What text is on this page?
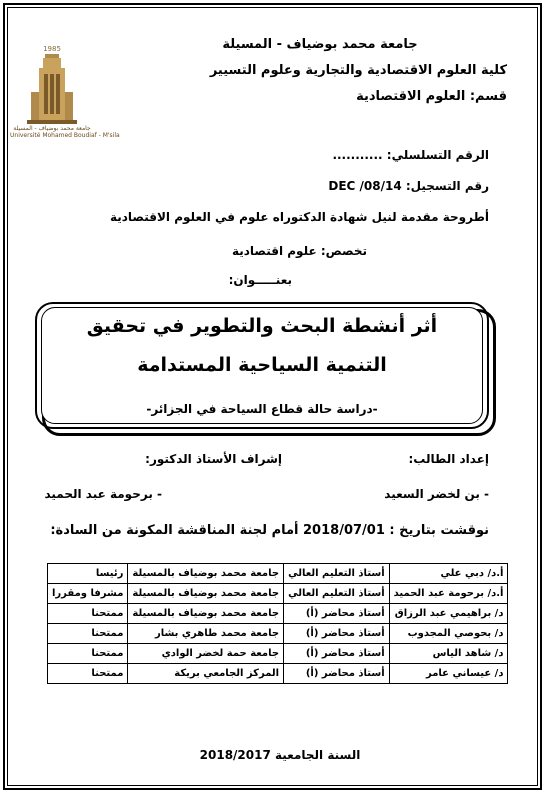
جامعة محمد بوضياف - المسيلة
كلية العلوم الاقتصادية والتجارية وعلوم التسيير
قسم: العلوم الاقتصادية
1985
جامعة محمد بوضياف - المسيلة
Université Mohamed Boudiaf - M'sila
الرقم التسلسلي: ...........
رقم التسجيل: DEC /08/14
أطروحة مقدمة لنيل شهادة الدكتوراه علوم في العلوم الاقتصادية
تخصص: علوم اقتصادية
بعنـــــوان:
أثر أنشطة البحث والتطوير في تحقيق
التنمية السياحية المستدامة
-دراسة حالة قطاع السياحة في الجزائر-
إعداد الطالب:
إشراف الأستاذ الدكتور:
- بن لخضر السعيد
- برحومة عبد الحميد
نوقشت بتاريخ : 2018/07/01 أمام لجنة المناقشة المكونة من السادة:
أ.د/ دبي علي	أستاذ التعليم العالي	جامعة محمد بوضياف بالمسيلة	رئيسا
أ.د/ برحومة عبد الحميد	أستاذ التعليم العالي	جامعة محمد بوضياف بالمسيلة	مشرفا ومقررا
د/ براهيمي عبد الرزاق	أستاذ محاضر (أ)	جامعة محمد بوضياف بالمسيلة	ممتحنا
د/ بحوصي المجدوب	أستاذ محاضر (أ)	جامعة محمد طاهري بشار	ممتحنا
د/ شاهد الياس	أستاذ محاضر (أ)	جامعة حمة لخضر الوادي	ممتحنا
د/ عيساني عامر	أستاذ محاضر (أ)	المركز الجامعي بريكة	ممتحنا
السنة الجامعية 2018/2017
